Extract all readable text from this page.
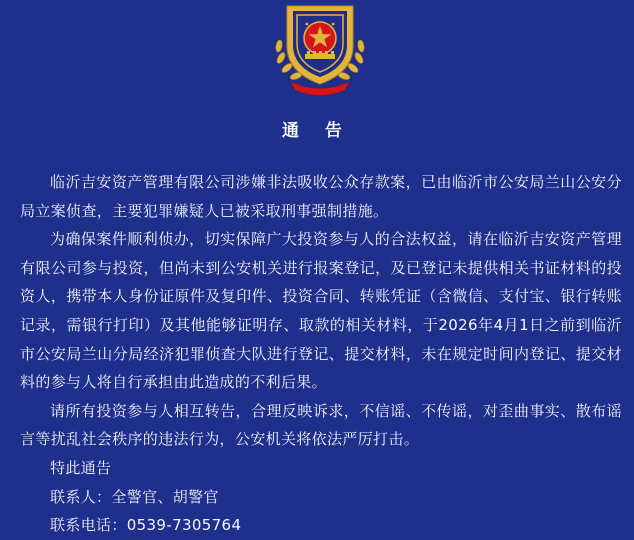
通 告

临沂吉安资产管理有限公司涉嫌非法吸收公众存款案，已由临沂市公安局兰山公安分局立案侦查，主要犯罪嫌疑人已被采取刑事强制措施。

为确保案件顺利侦办，切实保障广大投资参与人的合法权益，请在临沂吉安资产管理有限公司参与投资，但尚未到公安机关进行报案登记，及已登记未提供相关书证材料的投资人，携带本人身份证原件及复印件、投资合同、转账凭证（含微信、支付宝、银行转账记录，需银行打印）及其他能够证明存、取款的相关材料，于2026年4月1日之前到临沂市公安局兰山分局经济犯罪侦查大队进行登记、提交材料，未在规定时间内登记、提交材料的参与人将自行承担由此造成的不利后果。

请所有投资参与人相互转告，合理反映诉求，不信谣、不传谣，对歪曲事实、散布谣言等扰乱社会秩序的违法行为，公安机关将依法严厉打击。

特此通告

联系人：全警官、胡警官

联系电话：0539-7305764
